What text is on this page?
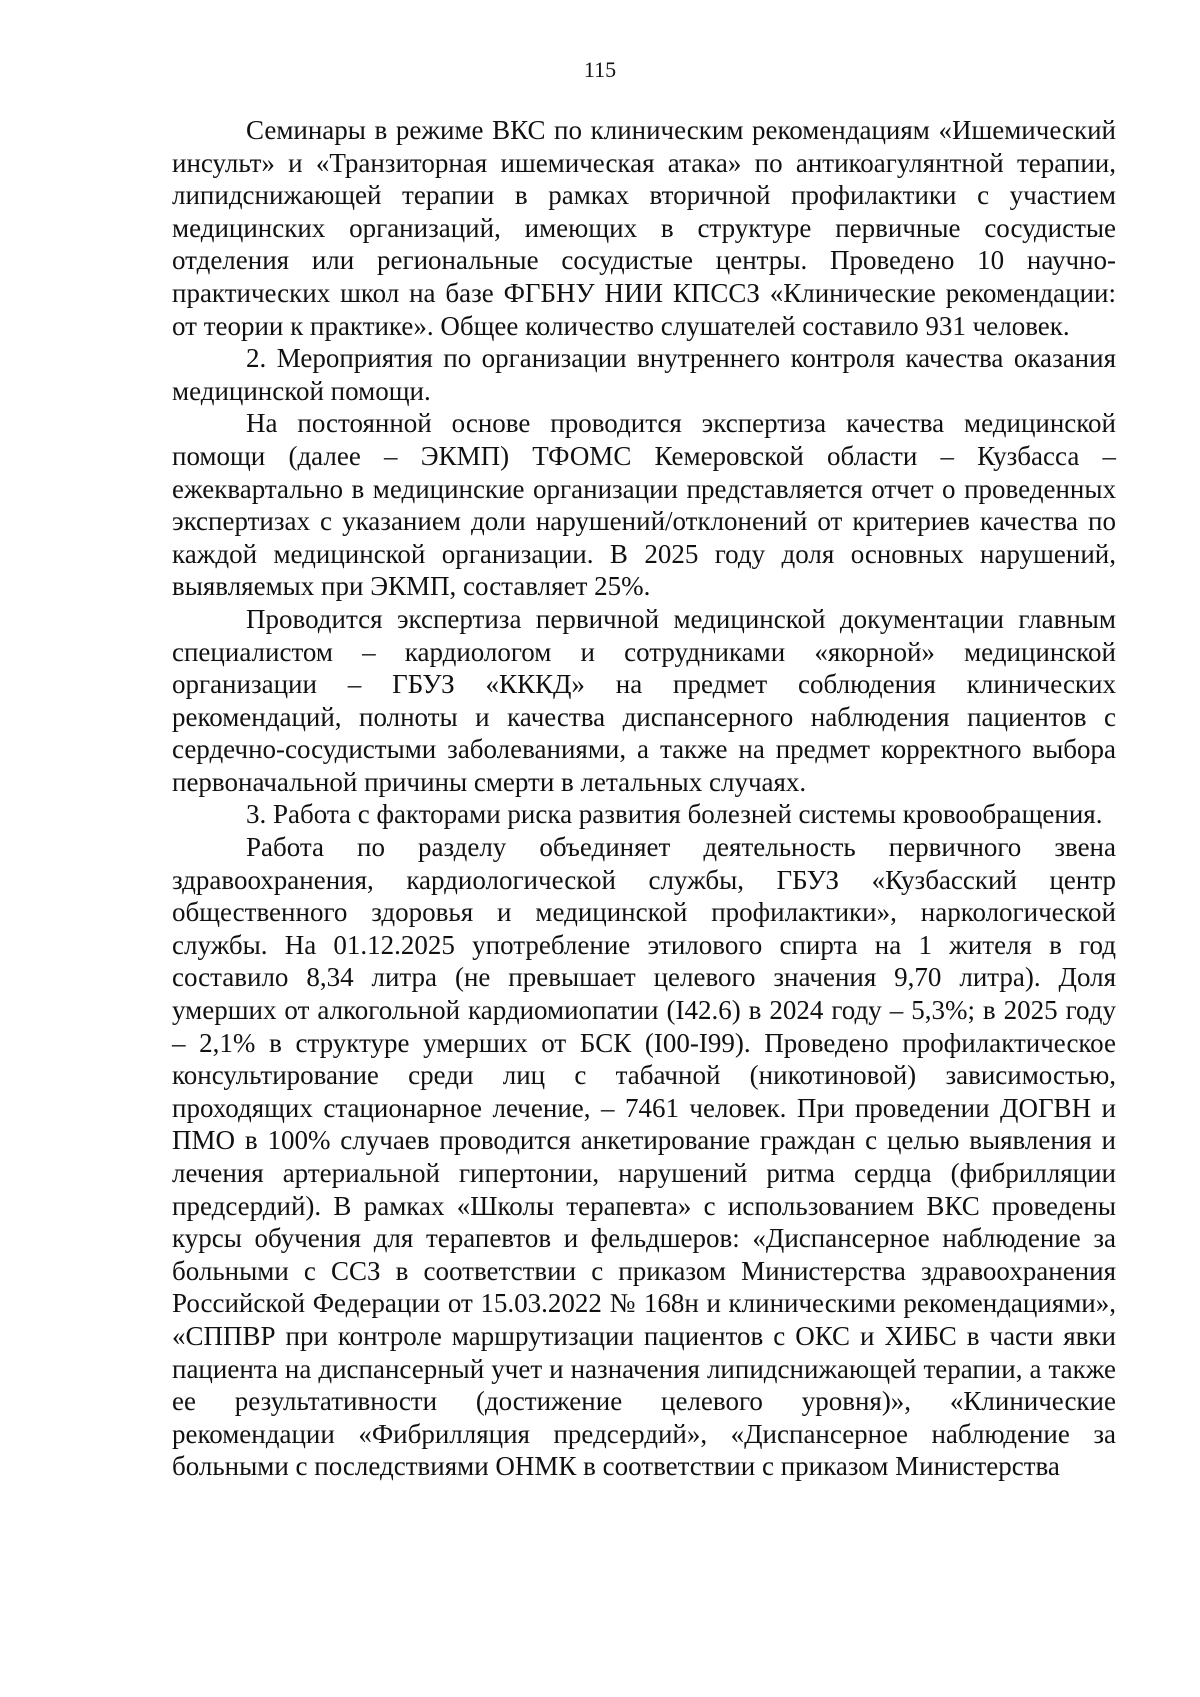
115

Семинары в режиме ВКС по клиническим рекомендациям «Ишемический инсульт» и «Транзиторная ишемическая атака» по антикоагулянтной терапии, липидснижающей терапии в рамках вторичной профилактики с участием медицинских организаций, имеющих в структуре первичные сосудистые отделения или региональные сосудистые центры. Проведено 10 научно-практических школ на базе ФГБНУ НИИ КПССЗ «Клинические рекомендации: от теории к практике». Общее количество слушателей составило 931 человек.

2. Мероприятия по организации внутреннего контроля качества оказания медицинской помощи.

На постоянной основе проводится экспертиза качества медицинской помощи (далее – ЭКМП) ТФОМС Кемеровской области – Кузбасса – ежеквартально в медицинские организации представляется отчет о проведенных экспертизах с указанием доли нарушений/отклонений от критериев качества по каждой медицинской организации. В 2025 году доля основных нарушений, выявляемых при ЭКМП, составляет 25%.

Проводится экспертиза первичной медицинской документации главным специалистом – кардиологом и сотрудниками «якорной» медицинской организации – ГБУЗ «КККД» на предмет соблюдения клинических рекомендаций, полноты и качества диспансерного наблюдения пациентов с сердечно-сосудистыми заболеваниями, а также на предмет корректного выбора первоначальной причины смерти в летальных случаях.

3. Работа с факторами риска развития болезней системы кровообращения.

Работа по разделу объединяет деятельность первичного звена здравоохранения, кардиологической службы, ГБУЗ «Кузбасский центр общественного здоровья и медицинской профилактики», наркологической службы. На 01.12.2025 употребление этилового спирта на 1 жителя в год составило 8,34 литра (не превышает целевого значения 9,70 литра). Доля умерших от алкогольной кардиомиопатии (I42.6) в 2024 году – 5,3%; в 2025 году – 2,1% в структуре умерших от БСК (I00-I99). Проведено профилактическое консультирование среди лиц с табачной (никотиновой) зависимостью, проходящих стационарное лечение, – 7461 человек. При проведении ДОГВН и ПМО в 100% случаев проводится анкетирование граждан с целью выявления и лечения артериальной гипертонии, нарушений ритма сердца (фибрилляции предсердий). В рамках «Школы терапевта» с использованием ВКС проведены курсы обучения для терапевтов и фельдшеров: «Диспансерное наблюдение за больными с ССЗ в соответствии с приказом Министерства здравоохранения Российской Федерации от 15.03.2022 № 168н и клиническими рекомендациями», «СППВР при контроле маршрутизации пациентов с ОКС и ХИБС в части явки пациента на диспансерный учет и назначения липидснижающей терапии, а также ее результативности (достижение целевого уровня)», «Клинические рекомендации «Фибрилляция предсердий», «Диспансерное наблюдение за больными с последствиями ОНМК в соответствии с приказом Министерства
